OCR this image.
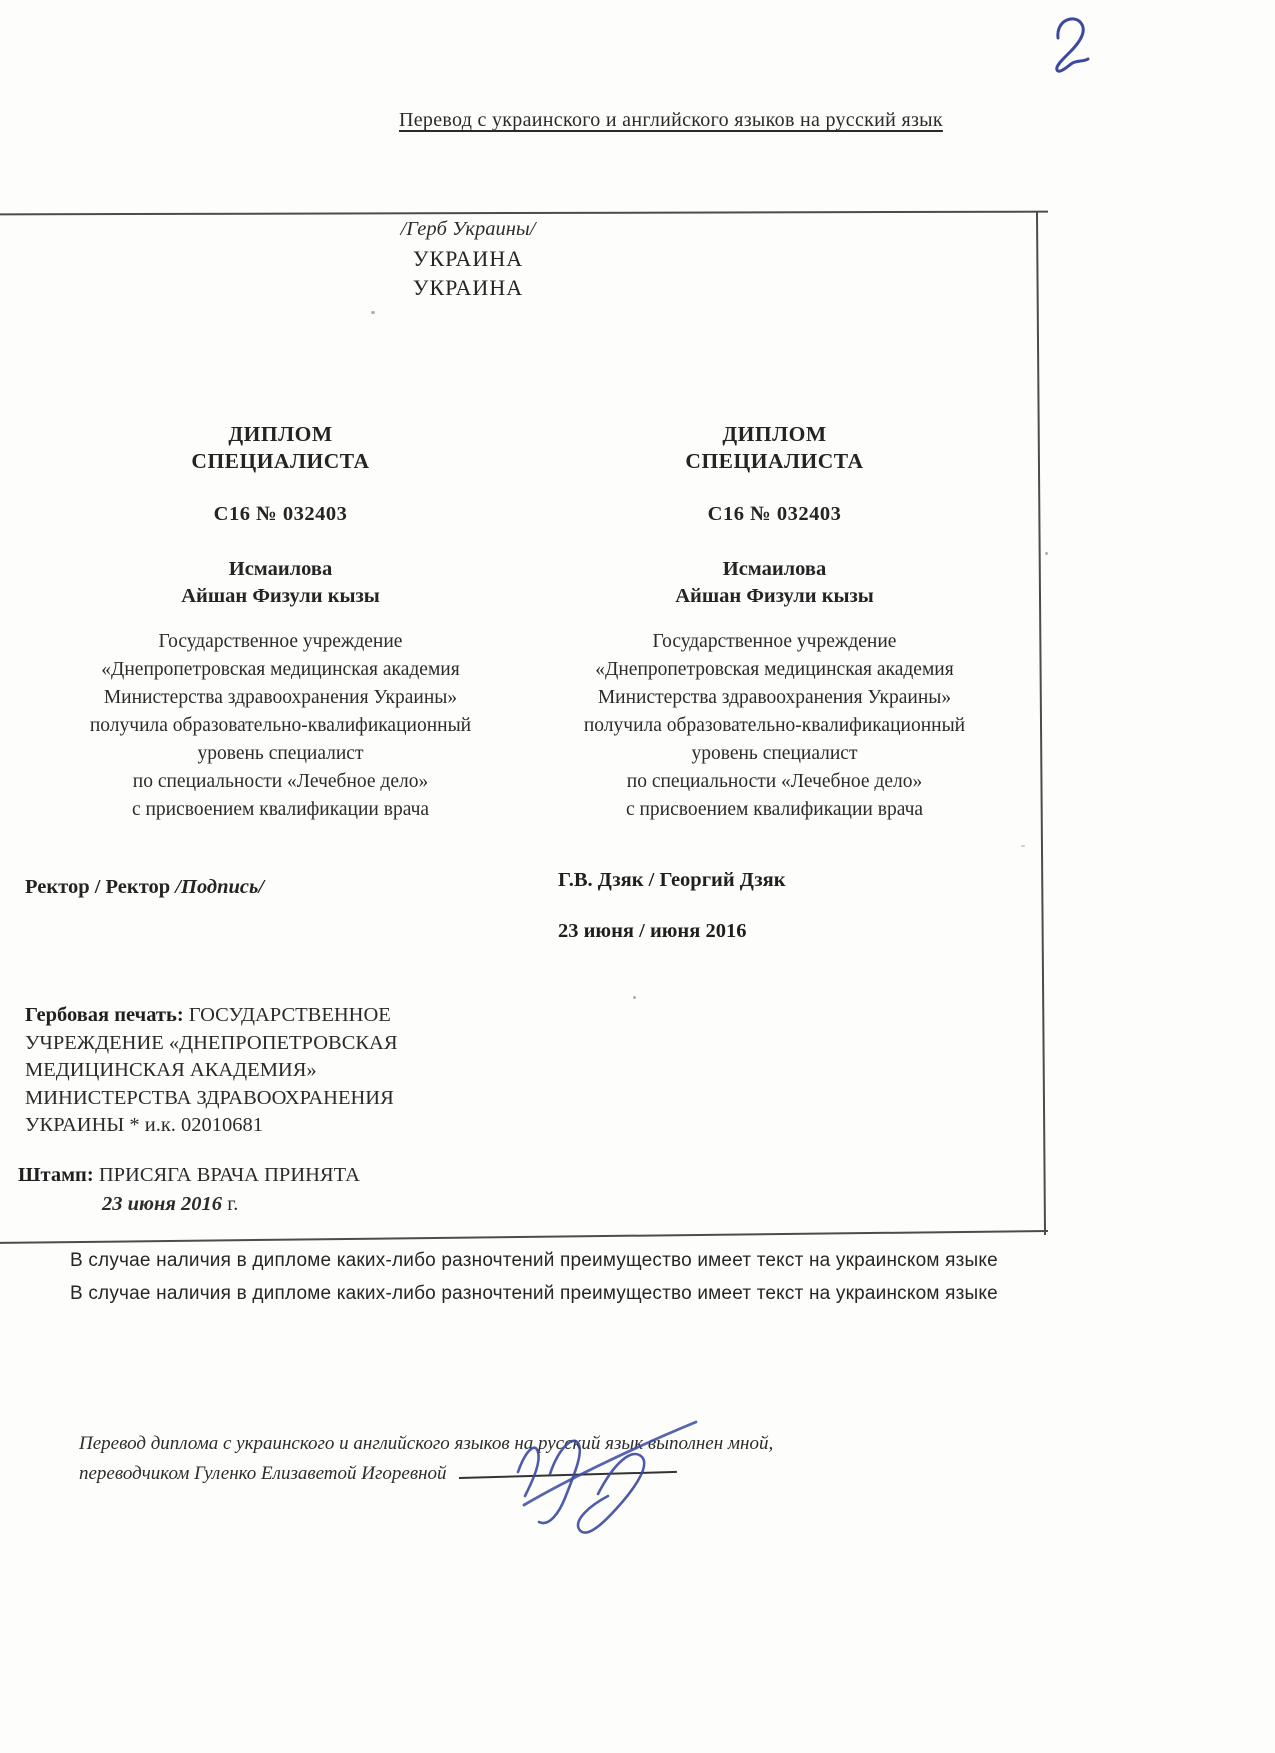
Перевод с украинского и английского языков на русский язык
/Герб Украины/
УКРАИНА
УКРАИНА
ДИПЛОМ
СПЕЦИАЛИСТА
С16 № 032403
Исмаилова
Айшан Физули кызы
Государственное учреждение
«Днепропетровская медицинская академия
Министерства здравоохранения Украины»
получила образовательно-квалификационный
уровень специалист
по специальности «Лечебное дело»
с присвоением квалификации врача
ДИПЛОМ
СПЕЦИАЛИСТА
С16 № 032403
Исмаилова
Айшан Физули кызы
Государственное учреждение
«Днепропетровская медицинская академия
Министерства здравоохранения Украины»
получила образовательно-квалификационный
уровень специалист
по специальности «Лечебное дело»
с присвоением квалификации врача
Ректор / Ректор /Подпись/	Г.В. Дзяк / Георгий Дзяк
23 июня / июня 2016
Гербовая печать: ГОСУДАРСТВЕННОЕ УЧРЕЖДЕНИЕ «ДНЕПРОПЕТРОВСКАЯ МЕДИЦИНСКАЯ АКАДЕМИЯ» МИНИСТЕРСТВА ЗДРАВООХРАНЕНИЯ УКРАИНЫ * и.к. 02010681
Штамп: ПРИСЯГА ВРАЧА ПРИНЯТА
23 июня 2016 г.
В случае наличия в дипломе каких-либо разночтений преимущество имеет текст на украинском языке
В случае наличия в дипломе каких-либо разночтений преимущество имеет текст на украинском языке
Перевод диплома с украинского и английского языков на русский язык выполнен мной,
переводчиком Гуленко Елизаветой Игоревной
